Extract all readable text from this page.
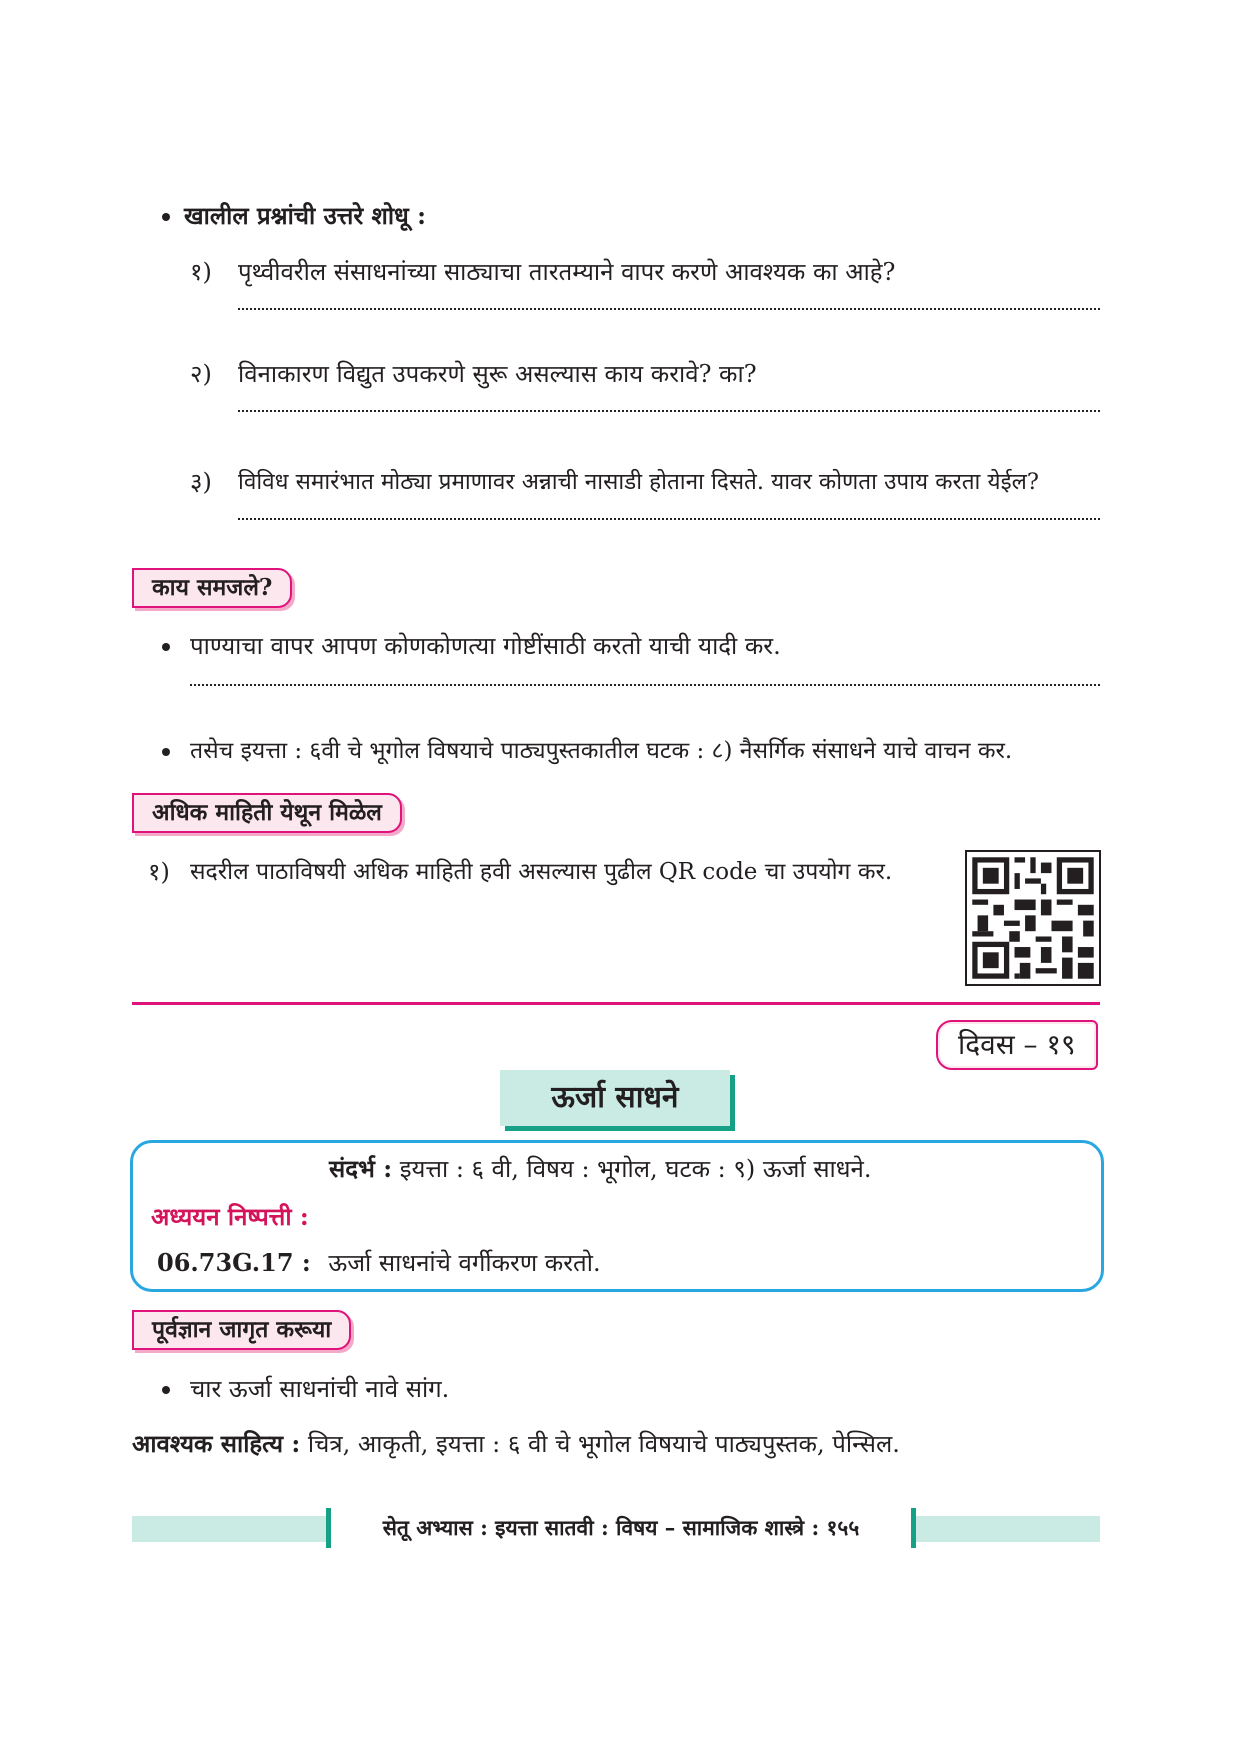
खालील प्रश्नांची उत्तरे शोधू :
१) पृथ्वीवरील संसाधनांच्या साठ्याचा तारतम्याने वापर करणे आवश्यक का आहे?
२) विनाकारण विद्युत उपकरणे सुरू असल्यास काय करावे? का?
३) विविध समारंभात मोठ्या प्रमाणावर अन्नाची नासाडी होताना दिसते. यावर कोणता उपाय करता येईल?
काय समजले?
पाण्याचा वापर आपण कोणकोणत्या गोष्टींसाठी करतो याची यादी कर.
तसेच इयत्ता : ६वी चे भूगोल विषयाचे पाठ्यपुस्तकातील घटक : ८) नैसर्गिक संसाधने याचे वाचन कर.
अधिक माहिती येथून मिळेल
१) सदरील पाठाविषयी अधिक माहिती हवी असल्यास पुढील QR code चा उपयोग कर.
दिवस – १९
ऊर्जा साधने
संदर्भ : इयत्ता : ६ वी, विषय : भूगोल, घटक : ९) ऊर्जा साधने.
अध्ययन निष्पत्ती :
06.73G.17 : ऊर्जा साधनांचे वर्गीकरण करतो.
पूर्वज्ञान जागृत करूया
चार ऊर्जा साधनांची नावे सांग.
आवश्यक साहित्य : चित्र, आकृती, इयत्ता : ६ वी चे भूगोल विषयाचे पाठ्यपुस्तक, पेन्सिल.
सेतू अभ्यास : इयत्ता सातवी : विषय – सामाजिक शास्त्रे : १५५
